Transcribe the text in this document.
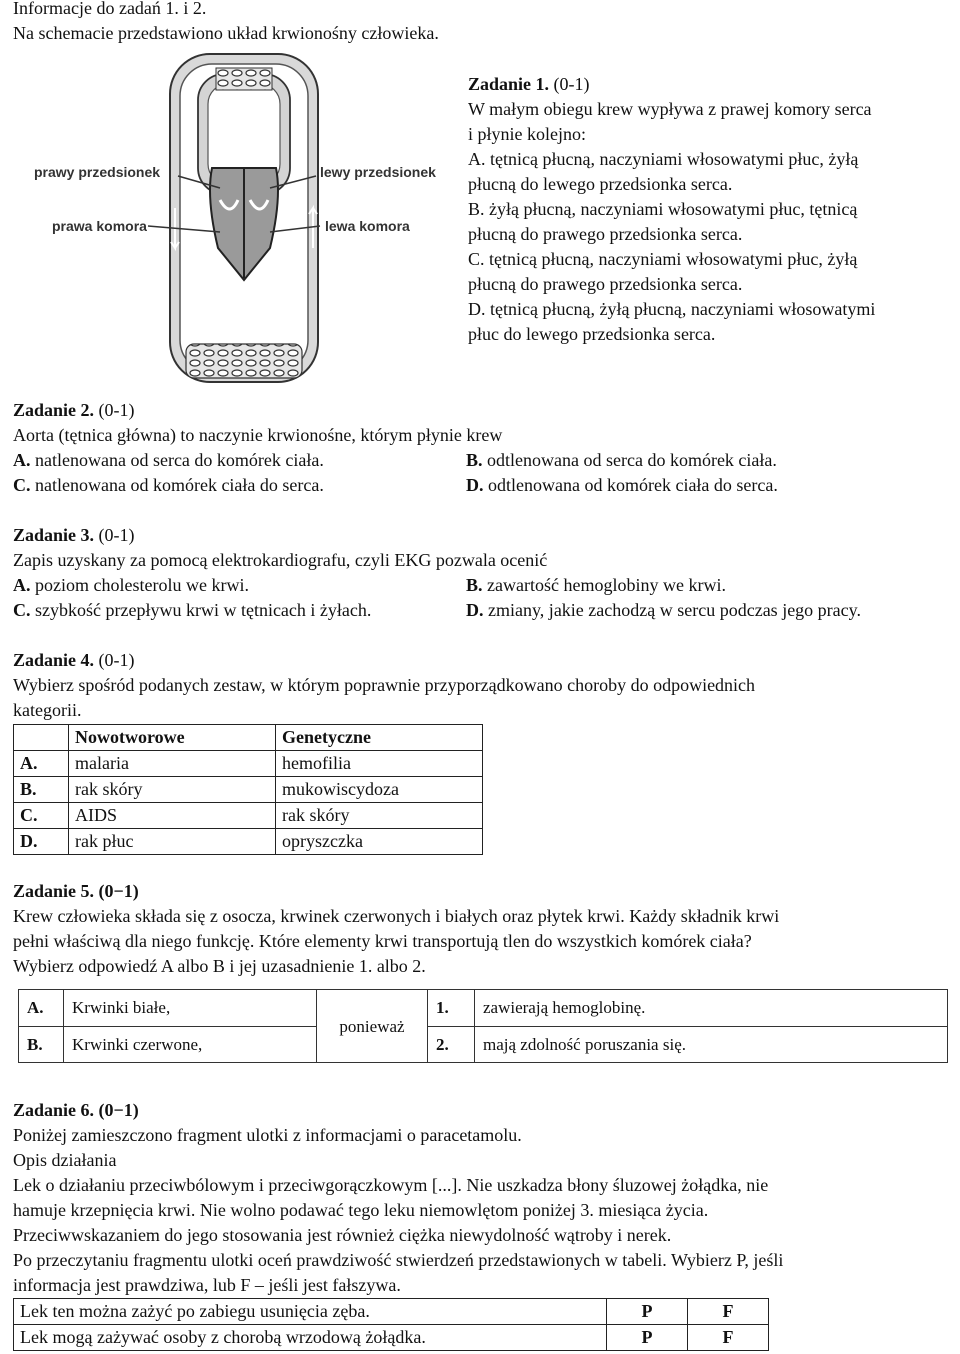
Informacje do zadań 1. i 2.
Na schemacie przedstawiono układ krwionośny człowieka.
prawy przedsionek	lewy przedsionek
prawa komora	lewa komora
Zadanie 1. (0-1)
W małym obiegu krew wypływa z prawej komory serca
i płynie kolejno:
A. tętnicą płucną, naczyniami włosowatymi płuc, żyłą
płucną do lewego przedsionka serca.
B. żyłą płucną, naczyniami włosowatymi płuc, tętnicą
płucną do prawego przedsionka serca.
C. tętnicą płucną, naczyniami włosowatymi płuc, żyłą
płucną do prawego przedsionka serca.
D. tętnicą płucną, żyłą płucną, naczyniami włosowatymi
płuc do lewego przedsionka serca.
Zadanie 2. (0-1)
Aorta (tętnica główna) to naczynie krwionośne, którym płynie krew
A. natlenowana od serca do komórek ciała.	B. odtlenowana od serca do komórek ciała.
C. natlenowana od komórek ciała do serca.	D. odtlenowana od komórek ciała do serca.
Zadanie 3. (0-1)
Zapis uzyskany za pomocą elektrokardiografu, czyli EKG pozwala ocenić
A. poziom cholesterolu we krwi.	B. zawartość hemoglobiny we krwi.
C. szybkość przepływu krwi w tętnicach i żyłach.	D. zmiany, jakie zachodzą w sercu podczas jego pracy.
Zadanie 4. (0-1)
Wybierz spośród podanych zestaw, w którym poprawnie przyporządkowano choroby do odpowiednich
kategorii.
	Nowotworowe	Genetyczne
A.	malaria	hemofilia
B.	rak skóry	mukowiscydoza
C.	AIDS	rak skóry
D.	rak płuc	opryszczka
Zadanie 5. (0−1)
Krew człowieka składa się z osocza, krwinek czerwonych i białych oraz płytek krwi. Każdy składnik krwi
pełni właściwą dla niego funkcję. Które elementy krwi transportują tlen do wszystkich komórek ciała?
Wybierz odpowiedź A albo B i jej uzasadnienie 1. albo 2.
A.	Krwinki białe,	ponieważ	1.	zawierają hemoglobinę.
B.	Krwinki czerwone,		2.	mają zdolność poruszania się.
Zadanie 6. (0−1)
Poniżej zamieszczono fragment ulotki z informacjami o paracetamolu.
Opis działania
Lek o działaniu przeciwbólowym i przeciwgorączkowym [...]. Nie uszkadza błony śluzowej żołądka, nie
hamuje krzepnięcia krwi. Nie wolno podawać tego leku niemowlętom poniżej 3. miesiąca życia.
Przeciwwskazaniem do jego stosowania jest również ciężka niewydolność wątroby i nerek.
Po przeczytaniu fragmentu ulotki oceń prawdziwość stwierdzeń przedstawionych w tabeli. Wybierz P, jeśli
informacja jest prawdziwa, lub F – jeśli jest fałszywa.
Lek ten można zażyć po zabiegu usunięcia zęba.	P	F
Lek mogą zażywać osoby z chorobą wrzodową żołądka.	P	F
